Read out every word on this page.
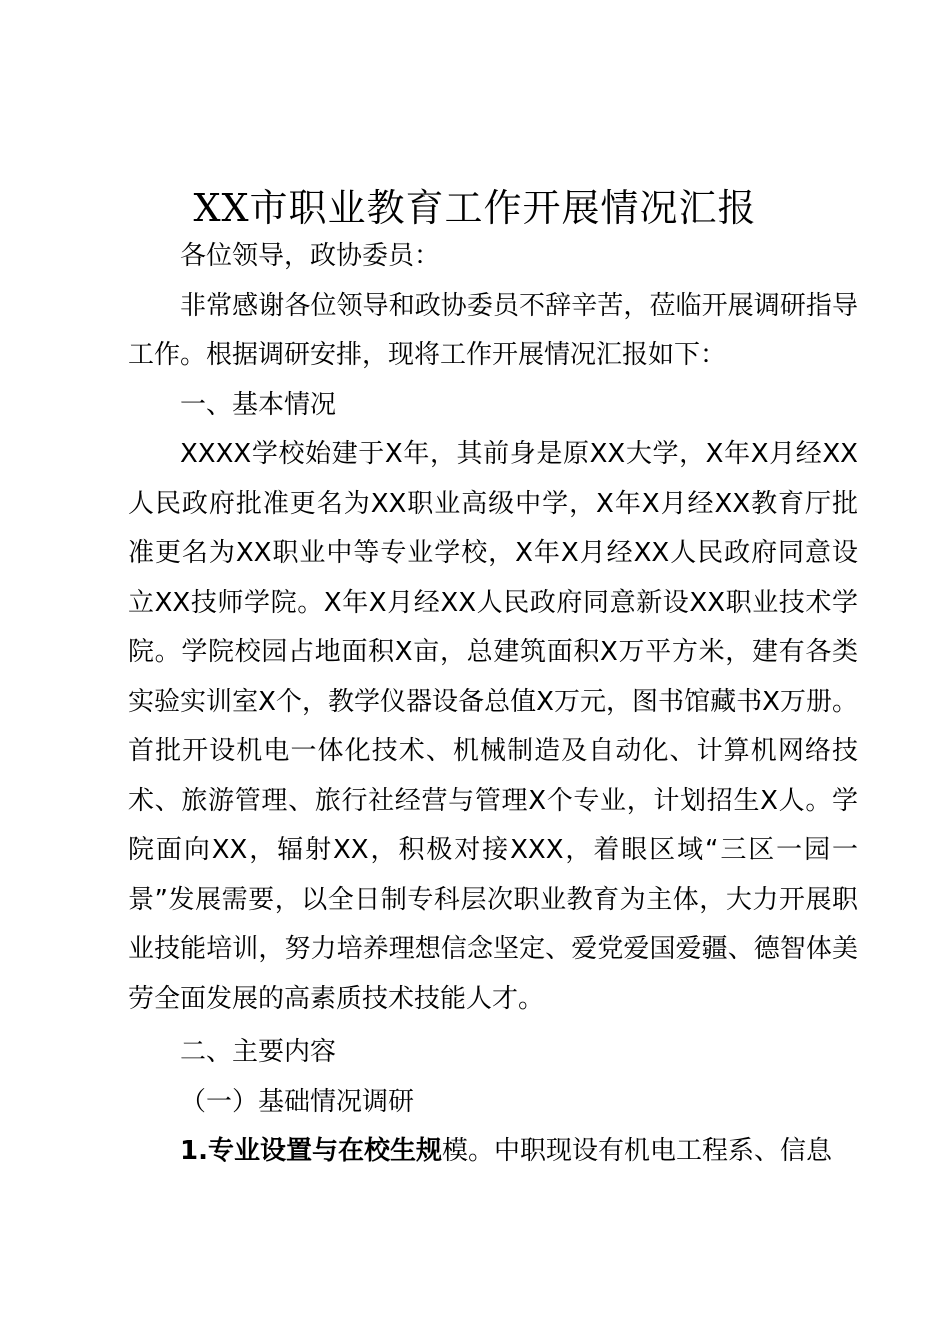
XX市职业教育工作开展情况汇报

各位领导，政协委员：

非常感谢各位领导和政协委员不辞辛苦，莅临开展调研指导工作。根据调研安排，现将工作开展情况汇报如下：

一、基本情况

XXXX学校始建于X年，其前身是原XX大学，X年X月经XX人民政府批准更名为XX职业高级中学，X年X月经XX教育厅批准更名为XX职业中等专业学校，X年X月经XX人民政府同意设立XX技师学院。X年X月经XX人民政府同意新设XX职业技术学院。学院校园占地面积X亩，总建筑面积X万平方米，建有各类实验实训室X个，教学仪器设备总值X万元，图书馆藏书X万册。首批开设机电一体化技术、机械制造及自动化、计算机网络技术、旅游管理、旅行社经营与管理X个专业，计划招生X人。学院面向XX，辐射XX，积极对接XXX，着眼区域“三区一园一景”发展需要，以全日制专科层次职业教育为主体，大力开展职业技能培训，努力培养理想信念坚定、爱党爱国爱疆、德智体美劳全面发展的高素质技术技能人才。

二、主要内容

（一）基础情况调研

1.专业设置与在校生规模。中职现设有机电工程系、信息
